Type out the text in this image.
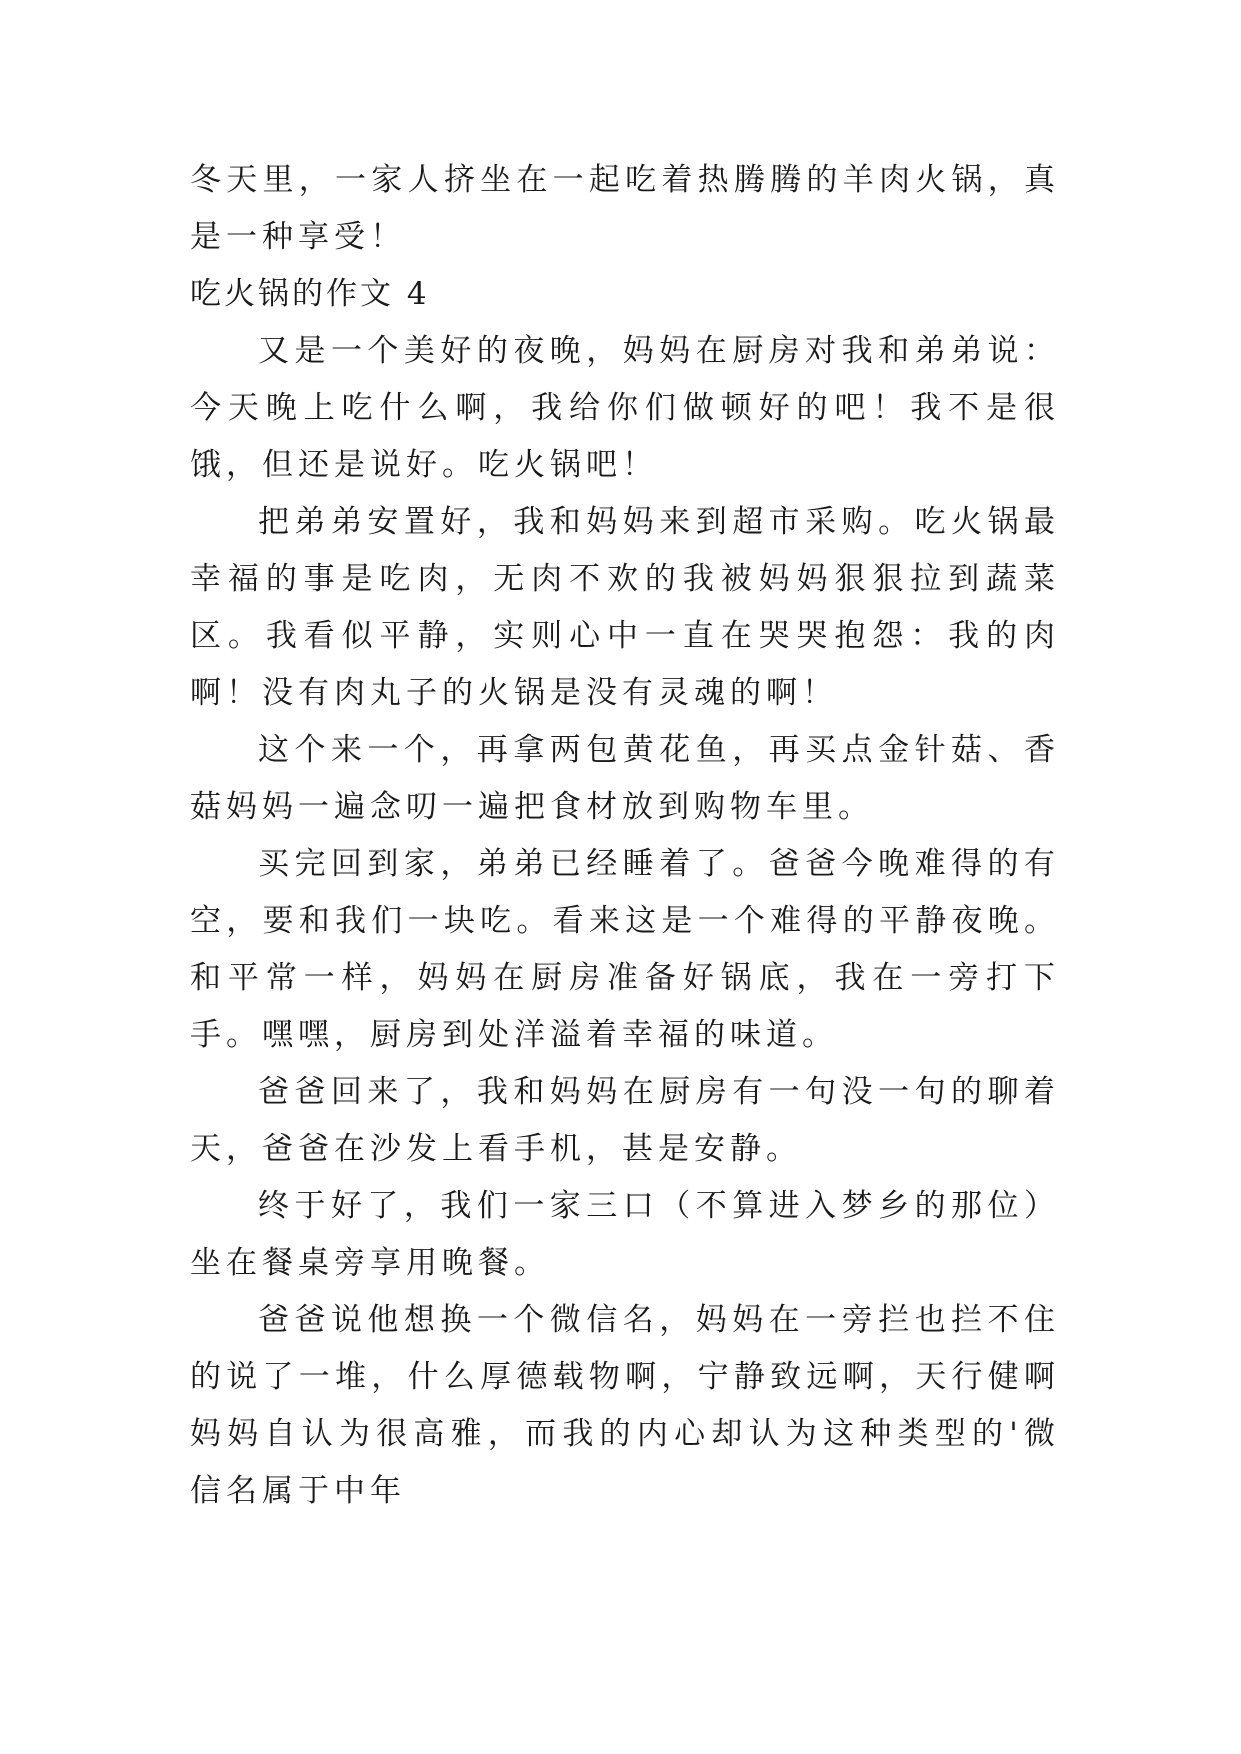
冬天里，一家人挤坐在一起吃着热腾腾的羊肉火锅，真是一种享受！

吃火锅的作文 4

又是一个美好的夜晚，妈妈在厨房对我和弟弟说：今天晚上吃什么啊，我给你们做顿好的吧！我不是很饿，但还是说好。吃火锅吧！

把弟弟安置好，我和妈妈来到超市采购。吃火锅最幸福的事是吃肉，无肉不欢的我被妈妈狠狠拉到蔬菜区。我看似平静，实则心中一直在哭哭抱怨：我的肉啊！没有肉丸子的火锅是没有灵魂的啊！

这个来一个，再拿两包黄花鱼，再买点金针菇、香菇妈妈一遍念叨一遍把食材放到购物车里。

买完回到家，弟弟已经睡着了。爸爸今晚难得的有空，要和我们一块吃。看来这是一个难得的平静夜晚。和平常一样，妈妈在厨房准备好锅底，我在一旁打下手。嘿嘿，厨房到处洋溢着幸福的味道。

爸爸回来了，我和妈妈在厨房有一句没一句的聊着天，爸爸在沙发上看手机，甚是安静。

终于好了，我们一家三口（不算进入梦乡的那位）坐在餐桌旁享用晚餐。

爸爸说他想换一个微信名，妈妈在一旁拦也拦不住的说了一堆，什么厚德载物啊，宁静致远啊，天行健啊妈妈自认为很高雅，而我的内心却认为这种类型的'微信名属于中年
